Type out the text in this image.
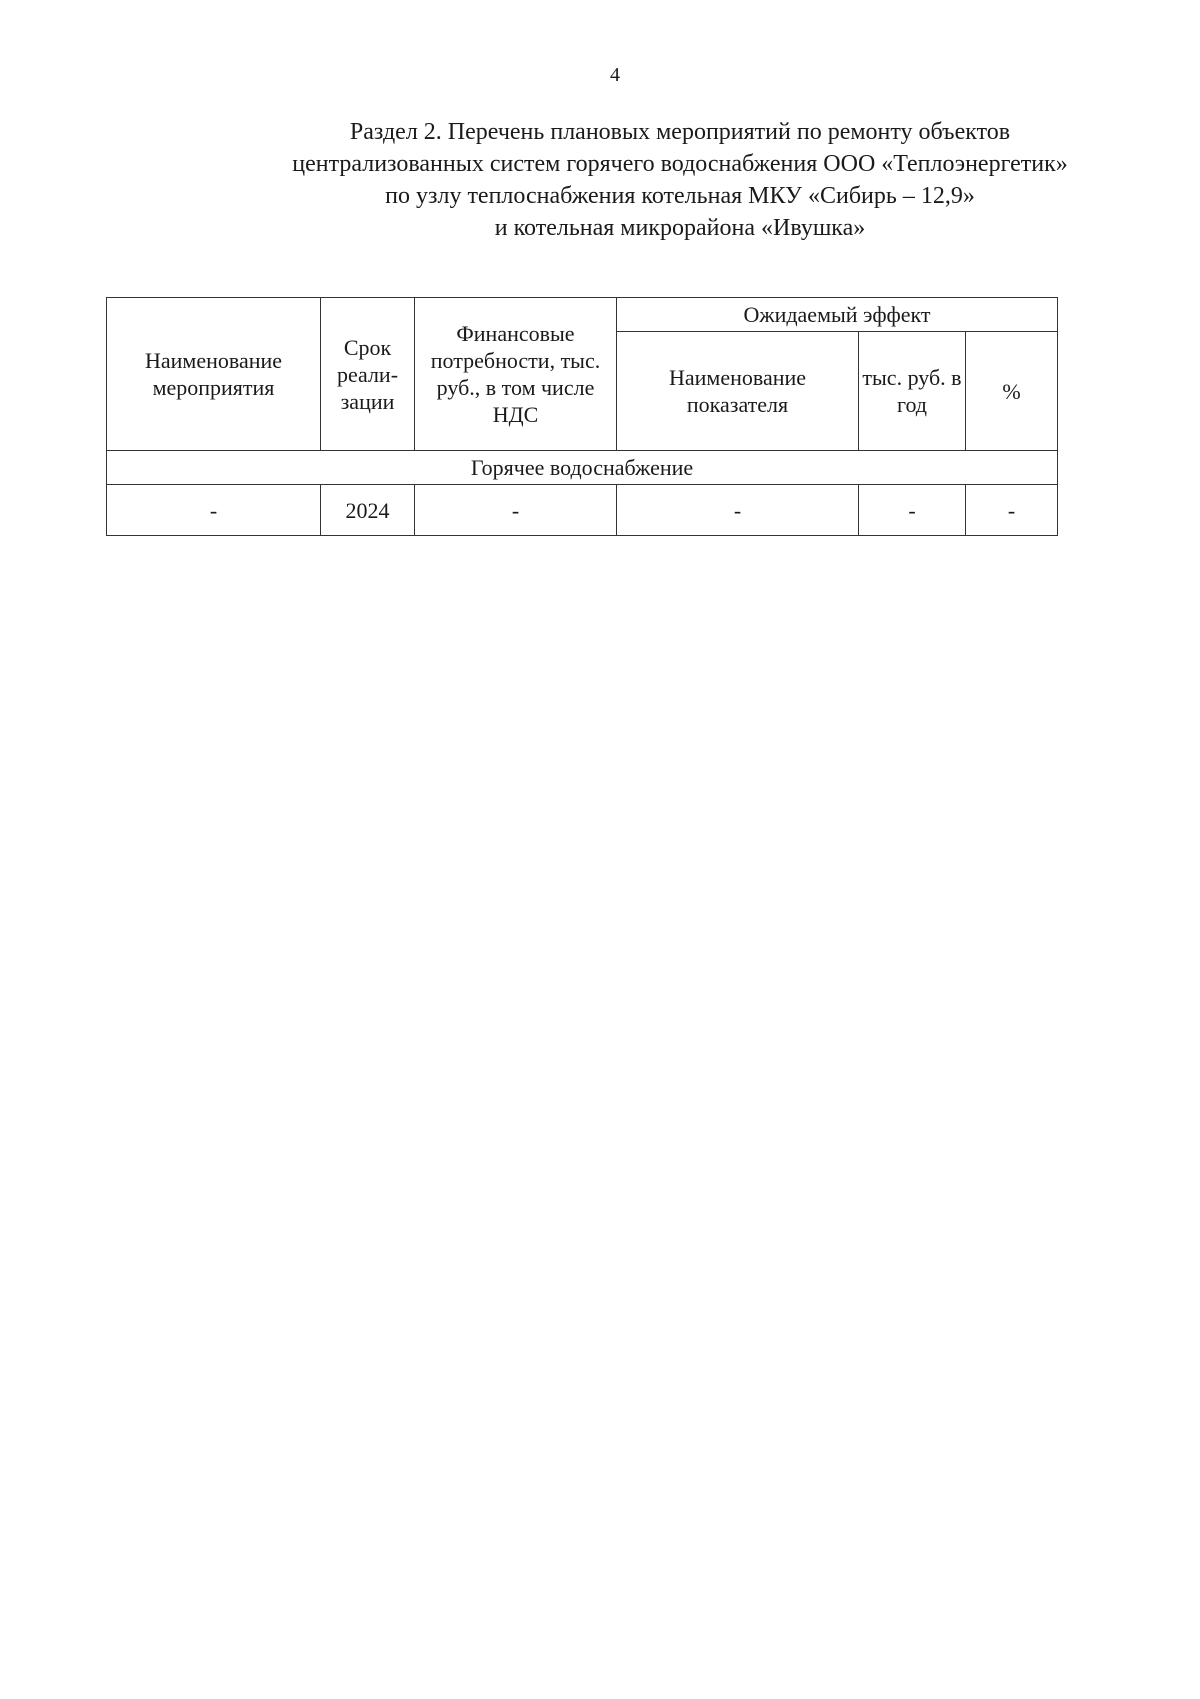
4
Раздел 2. Перечень плановых мероприятий по ремонту объектов
централизованных систем горячего водоснабжения ООО «Теплоэнергетик»
по узлу теплоснабжения котельная МКУ «Сибирь – 12,9»
и котельная микрорайона «Ивушка»
Наименование мероприятия	Срок реали-зации	Финансовые потребности, тыс. руб., в том числе НДС	Ожидаемый эффект		
			Наименование показателя	тыс. руб. в год	%
Горячее водоснабжение					
-	2024	-	-	-	-
